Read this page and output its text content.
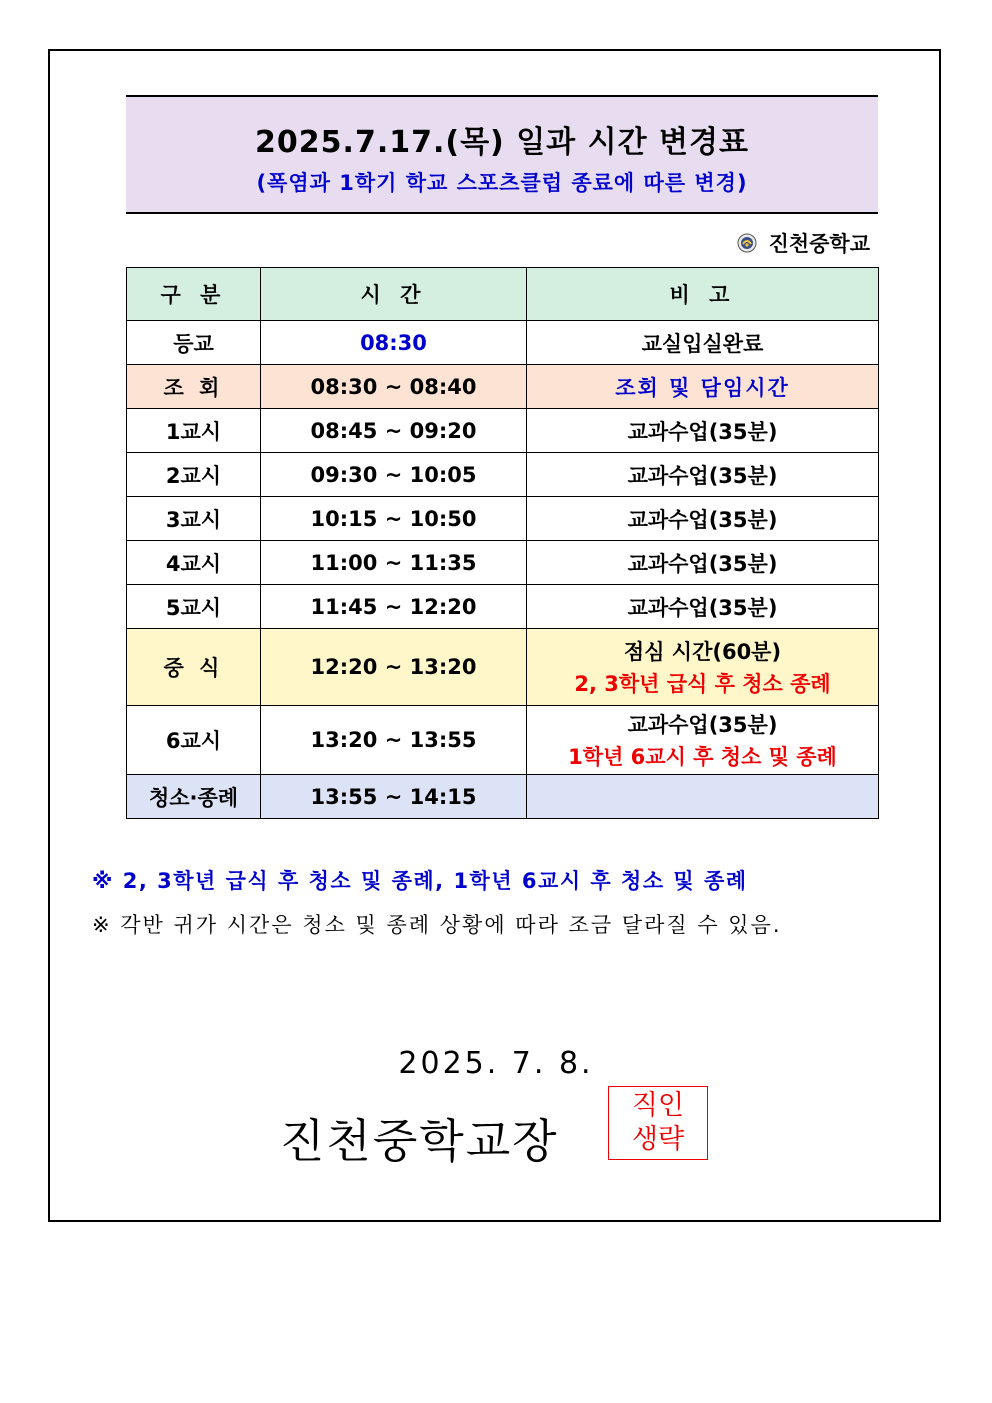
2025.7.17.(목) 일과 시간 변경표
(폭염과 1학기 학교 스포츠클럽 종료에 따른 변경)
진천중학교
구 분	시 간	비 고
등교	08:30	교실입실완료
조 회	08:30 ~ 08:40	조회 및 담임시간
1교시	08:45 ~ 09:20	교과수업(35분)
2교시	09:30 ~ 10:05	교과수업(35분)
3교시	10:15 ~ 10:50	교과수업(35분)
4교시	11:00 ~ 11:35	교과수업(35분)
5교시	11:45 ~ 12:20	교과수업(35분)
중 식	12:20 ~ 13:20	점심 시간(60분)
2, 3학년 급식 후 청소 종례

6교시	13:20 ~ 13:55	교과수업(35분)
1학년 6교시 후 청소 및 종례

청소·종례	13:55 ~ 14:15	
※ 2, 3학년 급식 후 청소 및 종례, 1학년 6교시 후 청소 및 종례
※ 각반 귀가 시간은 청소 및 종례 상황에 따라 조금 달라질 수 있음.
2025. 7. 8.
진천중학교장
직인
생략
